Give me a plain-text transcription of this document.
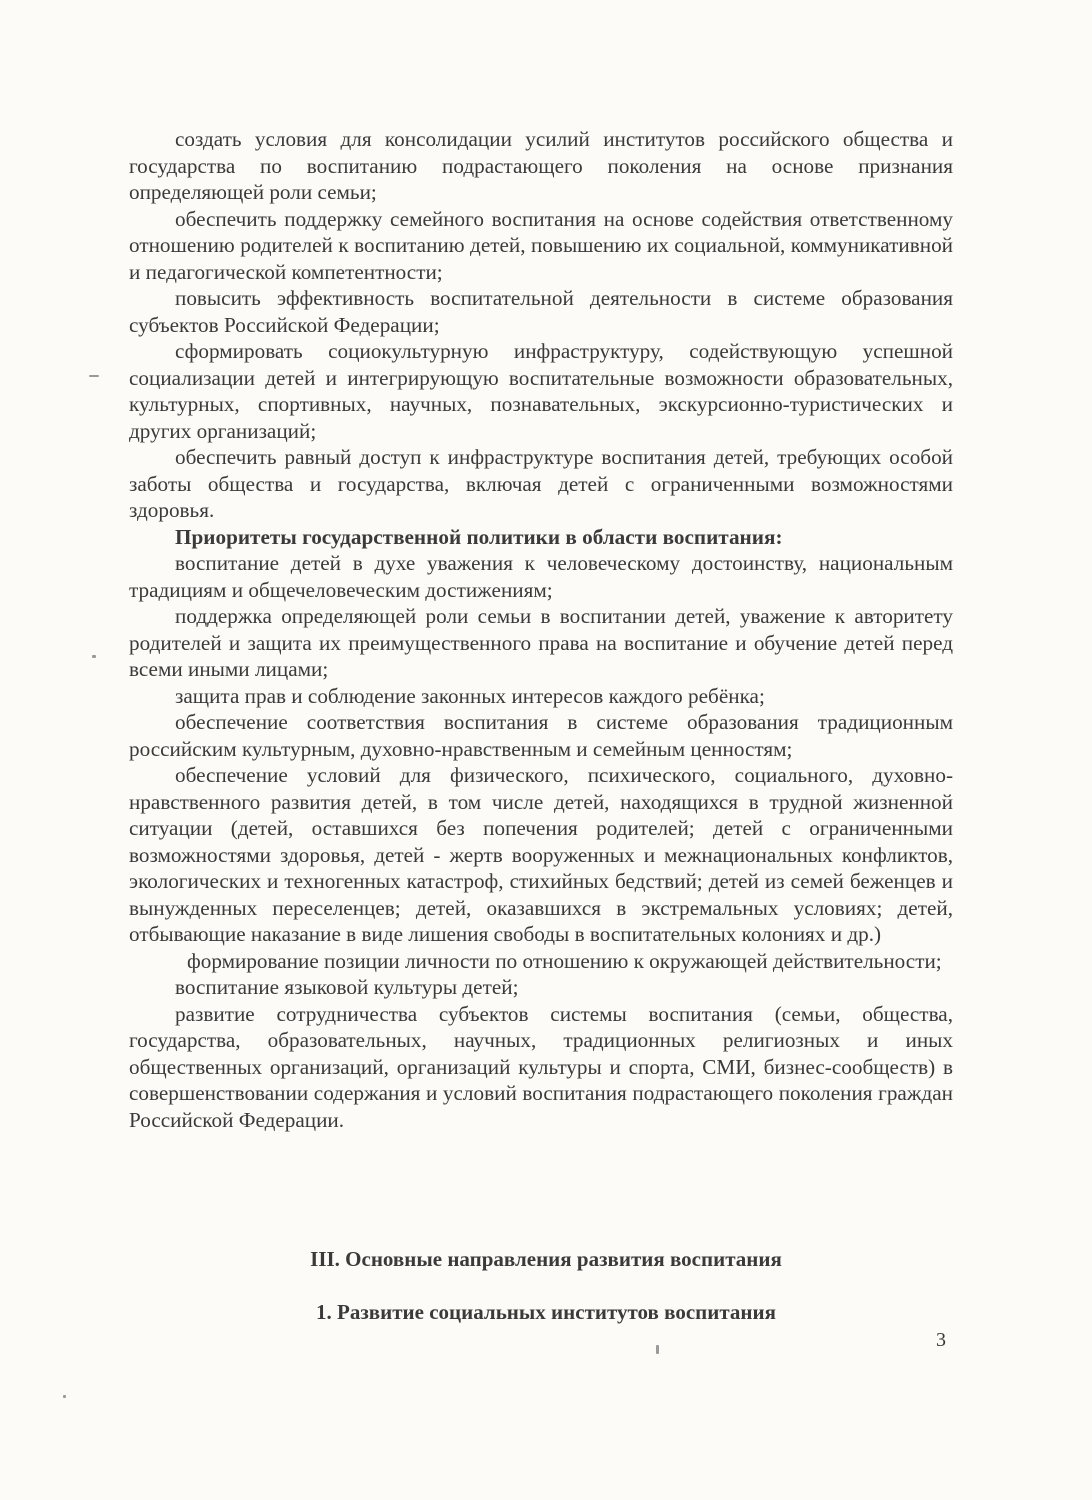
создать условия для консолидации усилий институтов российского общества и государства по воспитанию подрастающего поколения на основе признания определяющей роли семьи;

обеспечить поддержку семейного воспитания на основе содействия ответственному отношению родителей к воспитанию детей, повышению их социальной, коммуникативной и педагогической компетентности;

повысить эффективность воспитательной деятельности в системе образования субъектов Российской Федерации;

сформировать социокультурную инфраструктуру, содействующую успешной социализации детей и интегрирующую воспитательные возможности образовательных, культурных, спортивных, научных, познавательных, экскурсионно-туристических и других организаций;

обеспечить равный доступ к инфраструктуре воспитания детей, требующих особой заботы общества и государства, включая детей с ограниченными возможностями здоровья.

Приоритеты государственной политики в области воспитания:

воспитание детей в духе уважения к человеческому достоинству, национальным традициям и общечеловеческим достижениям;

поддержка определяющей роли семьи в воспитании детей, уважение к авторитету родителей и защита их преимущественного права на воспитание и обучение детей перед всеми иными лицами;

защита прав и соблюдение законных интересов каждого ребёнка;

обеспечение соответствия воспитания в системе образования традиционным российским культурным, духовно-нравственным и семейным ценностям;

обеспечение условий для физического, психического, социального, духовно-нравственного развития детей, в том числе детей, находящихся в трудной жизненной ситуации (детей, оставшихся без попечения родителей; детей с ограниченными возможностями здоровья, детей - жертв вооруженных и межнациональных конфликтов, экологических и техногенных катастроф, стихийных бедствий; детей из семей беженцев и вынужденных переселенцев; детей, оказавшихся в экстремальных условиях; детей, отбывающие наказание в виде лишения свободы в воспитательных колониях и др.)

формирование позиции личности по отношению к окружающей действительности;

воспитание языковой культуры детей;

развитие сотрудничества субъектов системы воспитания (семьи, общества, государства, образовательных, научных, традиционных религиозных и иных общественных организаций, организаций культуры и спорта, СМИ, бизнес-сообществ) в совершенствовании содержания и условий воспитания подрастающего поколения граждан Российской Федерации.

III. Основные направления развития воспитания
1. Развитие социальных институтов воспитания
3
